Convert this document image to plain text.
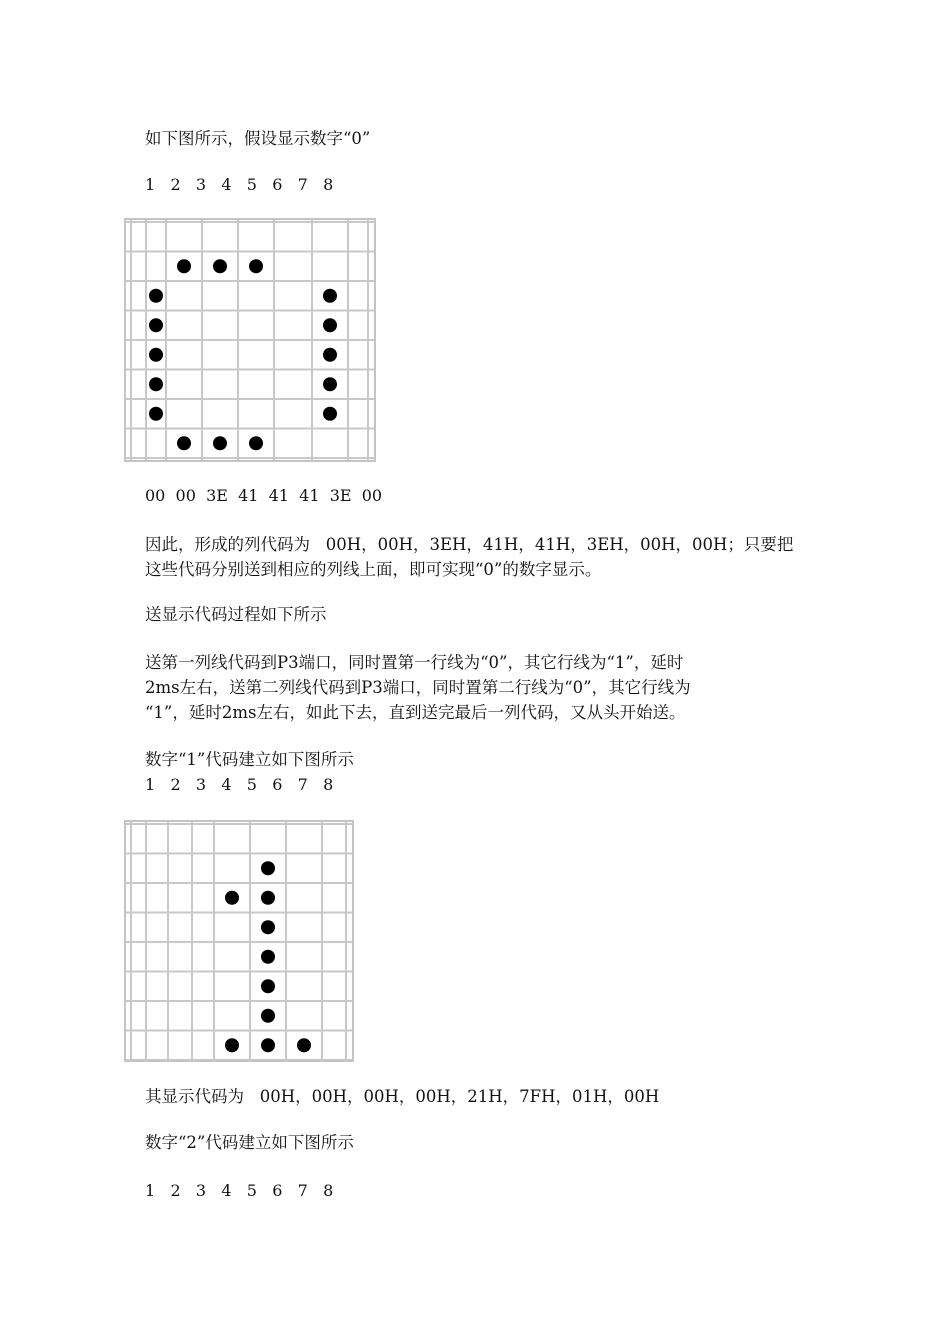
如下图所示，假设显示数字“0”
1   2   3   4   5   6   7   8
00  00  3E  41  41  41  3E  00
因此，形成的列代码为   00H，00H，3EH，41H，41H，3EH，00H，00H；只要把
这些代码分别送到相应的列线上面，即可实现“0”的数字显示。
送显示代码过程如下所示
送第一列线代码到P3端口，同时置第一行线为“0”，其它行线为“1”，延时
2ms左右，送第二列线代码到P3端口，同时置第二行线为“0”，其它行线为
“1”，延时2ms左右，如此下去，直到送完最后一列代码，又从头开始送。
数字“1”代码建立如下图所示
1   2   3   4   5   6   7   8
其显示代码为   00H，00H，00H，00H，21H，7FH，01H，00H
数字“2”代码建立如下图所示
1   2   3   4   5   6   7   8
